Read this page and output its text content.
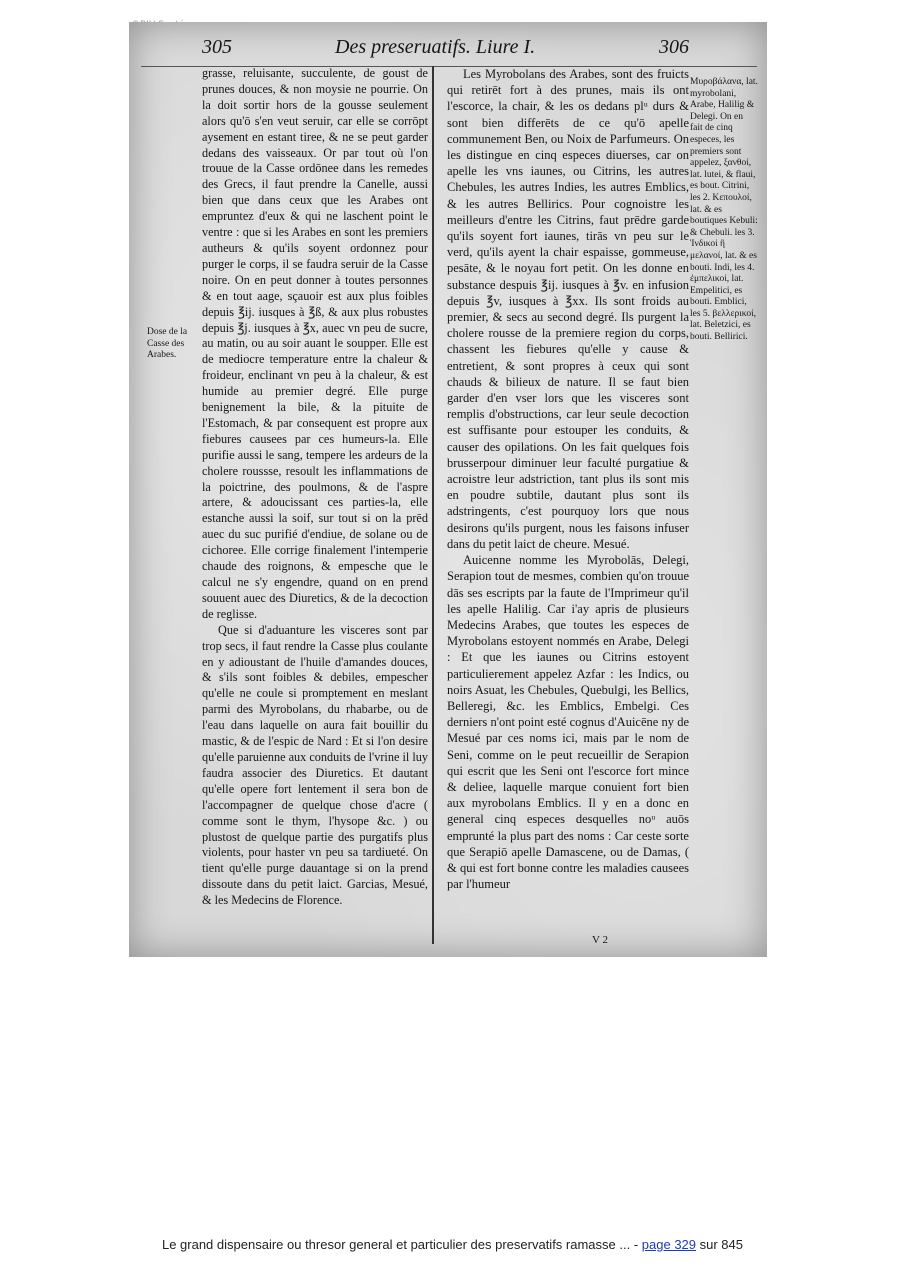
305	Des preseruatifs. Liure I.	306
Dose de la Casse des Arabes.

grasse, reluisante, succulente, de goust de prunes douces, & non moysie ne pourrie. On la doit sortir hors de la gousse seulement alors qu'ō s'en veut seruir, car elle se corrōpt aysement en estant tiree, & ne se peut garder dedans des vaisseaux. Or par tout où l'on trouue de la Casse ordōnee dans les remedes des Grecs, il faut prendre la Canelle, aussi bien que dans ceux que les Arabes ont empruntez d'eux & qui ne laschent point le ventre : que si les Arabes en sont les premiers autheurs & qu'ils soyent ordonnez pour purger le corps, il se faudra seruir de la Casse noire. On en peut donner à toutes personnes & en tout aage, sçauoir est aux plus foibles depuis ℥ij. iusques à ℥ß, & aux plus robustes depuis ℥j. iusques à ℥x, auec vn peu de sucre, au matin, ou au soir auant le soupper. Elle est de mediocre temperature entre la chaleur & froideur, enclinant vn peu à la chaleur, & est humide au premier degré. Elle purge benignement la bile, & la pituite de l'Estomach, & par consequent est propre aux fiebures causees par ces humeurs-la. Elle purifie aussi le sang, tempere les ardeurs de la cholere roussse, resoult les inflammations de la poictrine, des poulmons, & de l'aspre artere, & adoucissant ces parties-la, elle estanche aussi la soif, sur tout si on la prēd auec du suc purifié d'endiue, de solane ou de cichoree. Elle corrige finalement l'intemperie chaude des roignons, & empesche que le calcul ne s'y engendre, quand on en prend souuent auec des Diuretics, & de la decoction de reglisse.

Que si d'aduanture les visceres sont par trop secs, il faut rendre la Casse plus coulante en y adioustant de l'huile d'amandes douces, & s'ils sont foibles & debiles, empescher qu'elle ne coule si promptement en meslant parmi des Myrobolans, du rhabarbe, ou de l'eau dans laquelle on aura fait bouillir du mastic, & de l'espic de Nard : Et si l'on desire qu'elle paruienne aux conduits de l'vrine il luy faudra associer des Diuretics. Et dautant qu'elle opere fort lentement il sera bon de l'accompagner de quelque chose d'acre ( comme sont le thym, l'hysope &c. ) ou plustost de quelque partie des purgatifs plus violents, pour haster vn peu sa tardiueté. On tient qu'elle purge dauantage si on la prend dissoute dans du petit laict. Garcias, Mesué, & les Medecins de Florence.

Les Myrobolans des Arabes, sont des fruicts qui retirēt fort à des prunes, mais ils ont l'escorce, la chair, & les os dedans plᵘ durs & sont bien differēts de ce qu'ō apelle communement Ben, ou Noix de Parfumeurs. On les distingue en cinq especes diuerses, car on apelle les vns iaunes, ou Citrins, les autres Chebules, les autres Indies, les autres Emblics, & les autres Bellirics. Pour cognoistre les meilleurs d'entre les Citrins, faut prēdre garde qu'ils soyent fort iaunes, tirās vn peu sur le verd, qu'ils ayent la chair espaisse, gommeuse, pesāte, & le noyau fort petit. On les donne en substance despuis ℥ij. iusques à ℥v. en infusion depuis ℥v, iusques à ℥xx. Ils sont froids au premier, & secs au second degré. Ils purgent la cholere rousse de la premiere region du corps, chassent les fiebures qu'elle y cause & entretient, & sont propres à ceux qui sont chauds & bilieux de nature. Il se faut bien garder d'en vser lors que les visceres sont remplis d'obstructions, car leur seule decoction est suffisante pour estouper les conduits, & causer des opilations. On les fait quelques fois brusserpour diminuer leur faculté purgatiue & acroistre leur adstriction, tant plus ils sont mis en poudre subtile, dautant plus sont ils adstringents, c'est pourquoy lors que nous desirons qu'ils purgent, nous les faisons infuser dans du petit laict de cheure. Mesué.

Auicenne nomme les Myrobolās, Delegi, Serapion tout de mesmes, combien qu'on trouue dās ses escripts par la faute de l'Imprimeur qu'il les apelle Halilig. Car i'ay apris de plusieurs Medecins Arabes, que toutes les especes de Myrobolans estoyent nommés en Arabe, Delegi : Et que les iaunes ou Citrins estoyent particulierement appelez Azfar : les Indics, ou noirs Asuat, les Chebules, Quebulgi, les Bellics, Belleregi, &c. les Emblics, Embelgi. Ces derniers n'ont point esté cognus d'Auicēne ny de Mesué par ces noms ici, mais par le nom de Seni, comme on le peut recueillir de Serapion qui escrit que les Seni ont l'escorce fort mince & deliee, laquelle marque conuient fort bien aux myrobolans Emblics. Il y en a donc en general cinq especes desquelles noᵘ auōs emprunté la plus part des noms : Car ceste sorte que Serapiō apelle Damascene, ou de Damas, ( & qui est fort bonne contre les maladies causees par l'humeur

Μυροβάλανα, lat. myrobolani, Arabe, Halilig & Delegi. On en fait de cinq especes, les premiers sont appelez, ξανθοί, lat. lutei, & flaui, es bout. Citrini, les 2. Κεπουλοί, lat. & es boutiques Kebuli: & Chebuli. les 3. Ἰνδικοί ἢ μελανοί, lat. & es bouti. Indi, les 4. ἐμπελικοί, lat. Empelitici, es bouti. Emblici, les 5. βελλερικοί, lat. Beletzici, es bouti. Bellirici.
V 2
Le grand dispensaire ou thresor general et particulier des preservatifs ramasse ... - page 329 sur 845
